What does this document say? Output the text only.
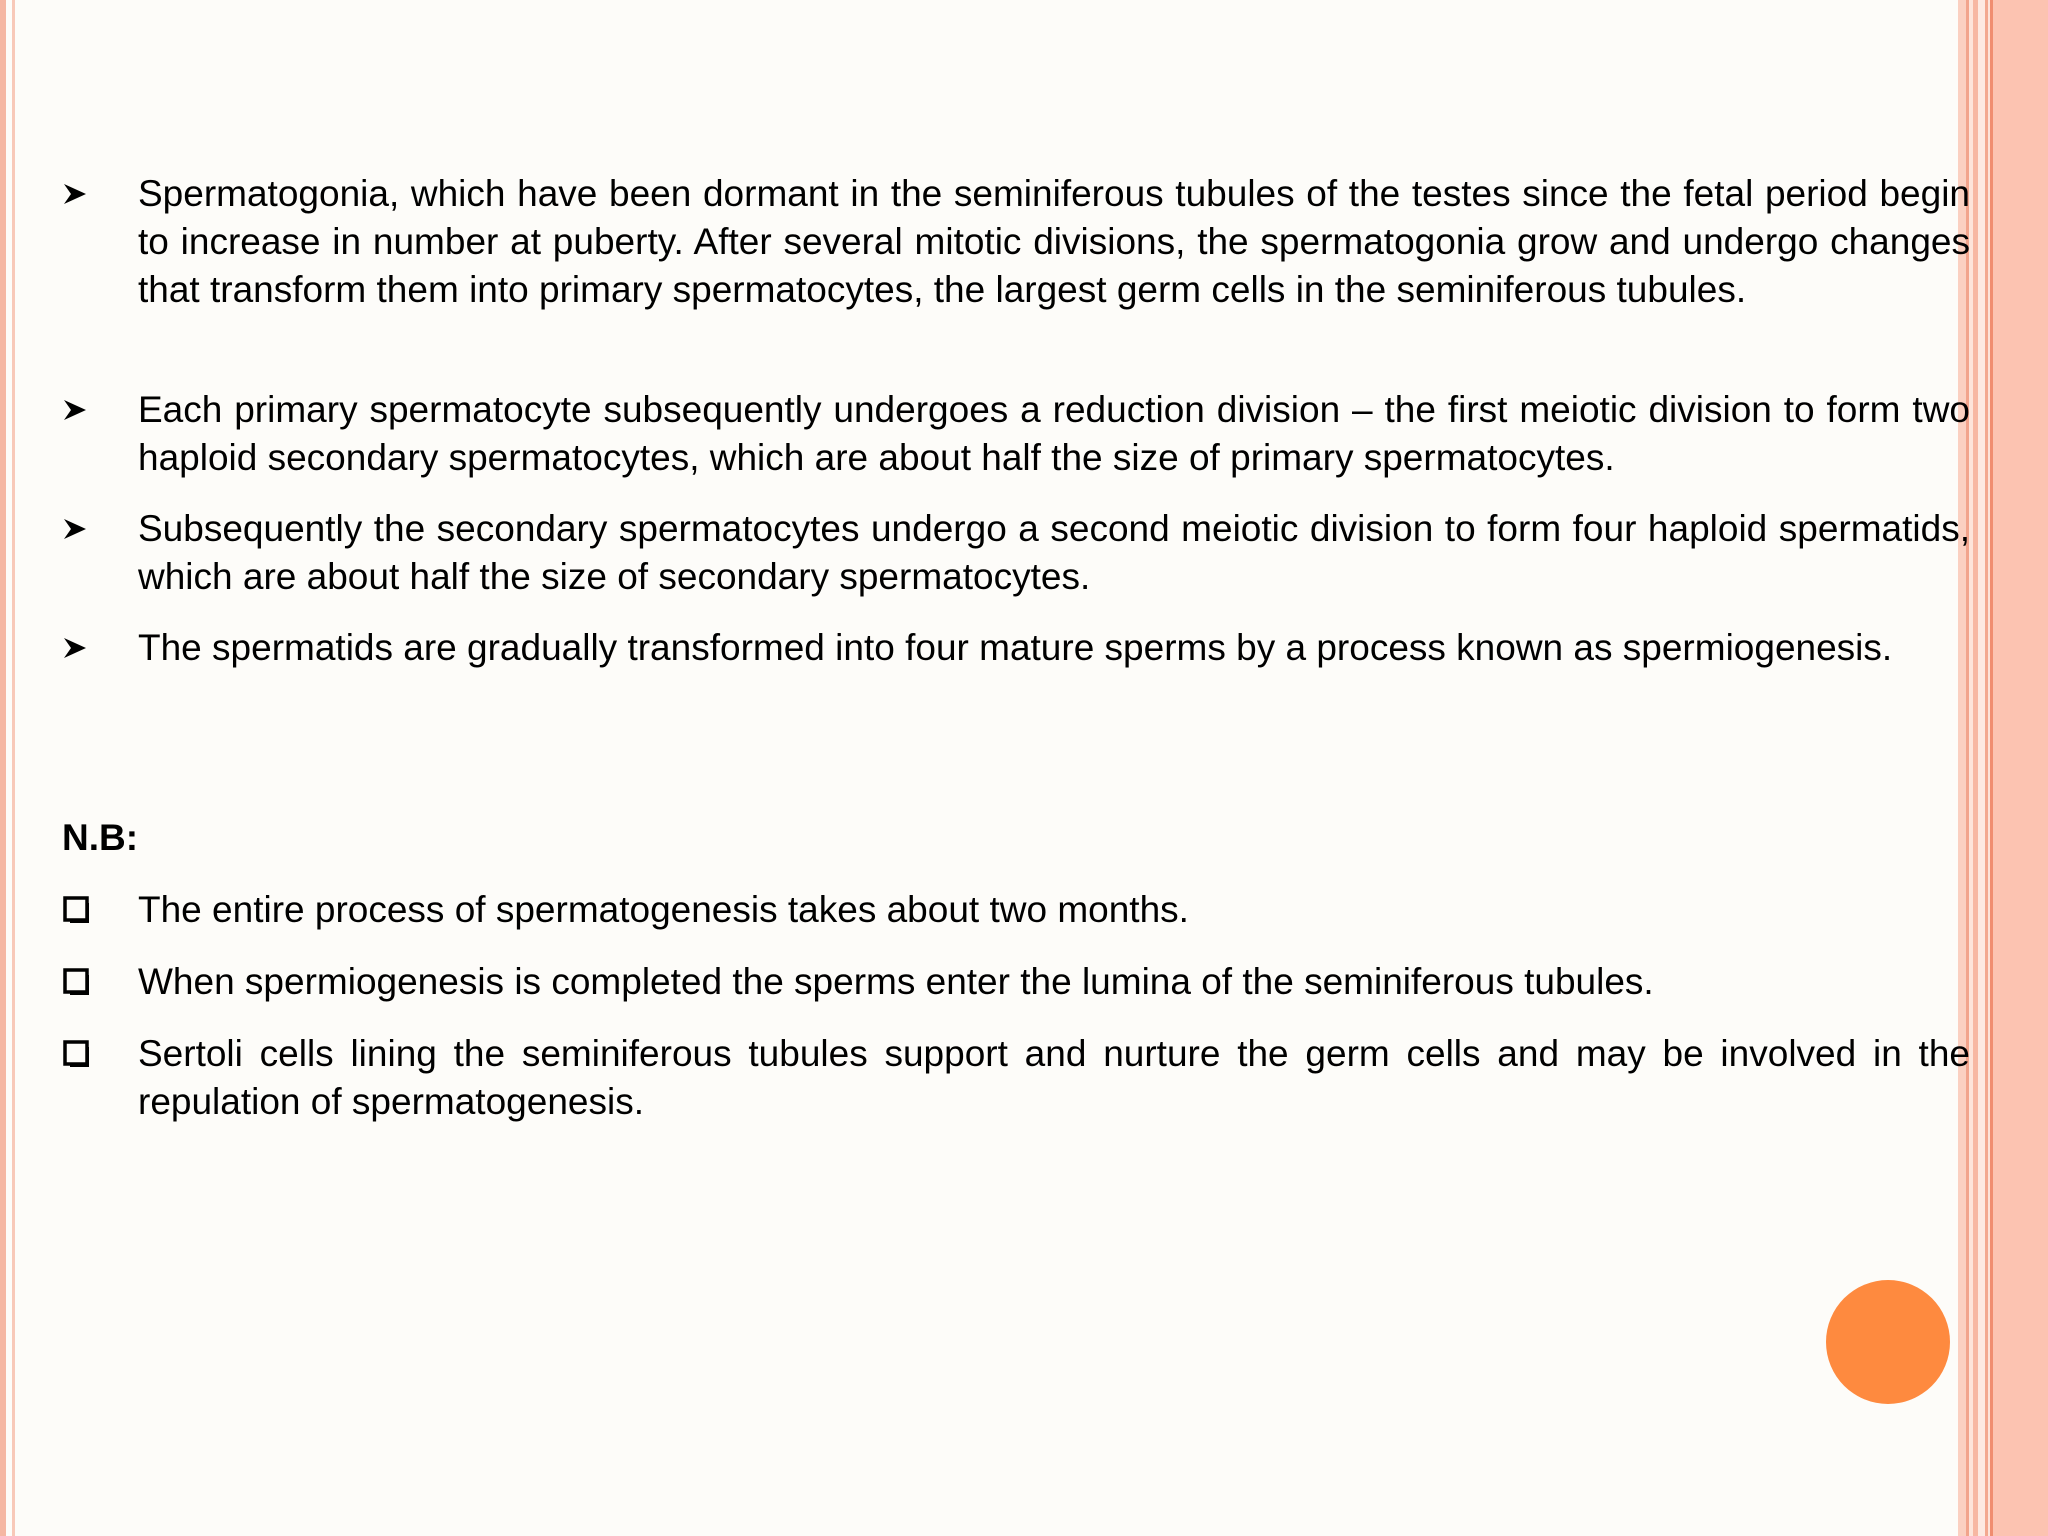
Spermatogonia, which have been dormant in the seminiferous tubules of the testes since the fetal period begin to increase in number at puberty. After several mitotic divisions, the spermatogonia grow and undergo changes that transform them into primary spermatocytes, the largest germ cells in the seminiferous tubules.
Each primary spermatocyte subsequently undergoes a reduction division – the first meiotic division to form two haploid secondary spermatocytes, which are about half the size of primary spermatocytes.
Subsequently the secondary spermatocytes undergo a second meiotic division to form four haploid spermatids, which are about half the size of secondary spermatocytes.
The spermatids are gradually transformed into four mature sperms by a process known as spermiogenesis.
N.B:
The entire process of spermatogenesis takes about two months.
When spermiogenesis is completed the sperms enter the lumina of the seminiferous tubules.
Sertoli cells lining the seminiferous tubules support and nurture the germ cells and may be involved in the repulation of spermatogenesis.
